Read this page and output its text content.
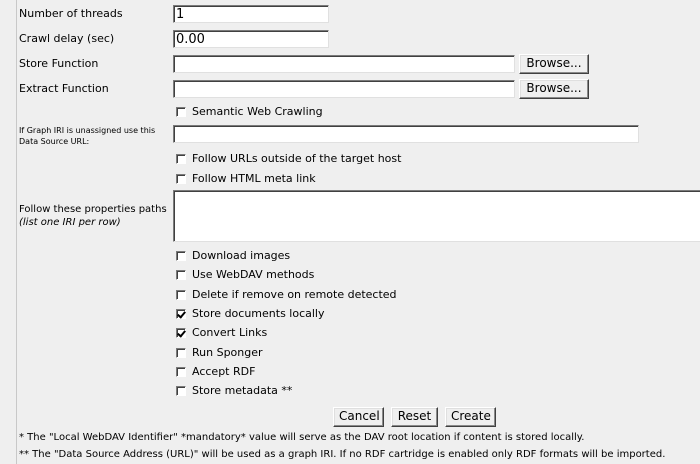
Number of threads
1
Crawl delay (sec)
0.00
Store Function	Browse...
Extract Function	Browse...
Semantic Web Crawling
If Graph IRI is unassigned use this
Data Source URL:
Follow URLs outside of the target host
Follow HTML meta link
Follow these properties paths
(list one IRI per row)
Download images
Use WebDAV methods
Delete if remove on remote detected
Store documents locally
Convert Links
Run Sponger
Accept RDF
Store metadata **
Cancel	Reset	Create
* The "Local WebDAV Identifier" *mandatory* value will serve as the DAV root location if content is stored locally.
** The "Data Source Address (URL)" will be used as a graph IRI. If no RDF cartridge is enabled only RDF formats will be imported.
